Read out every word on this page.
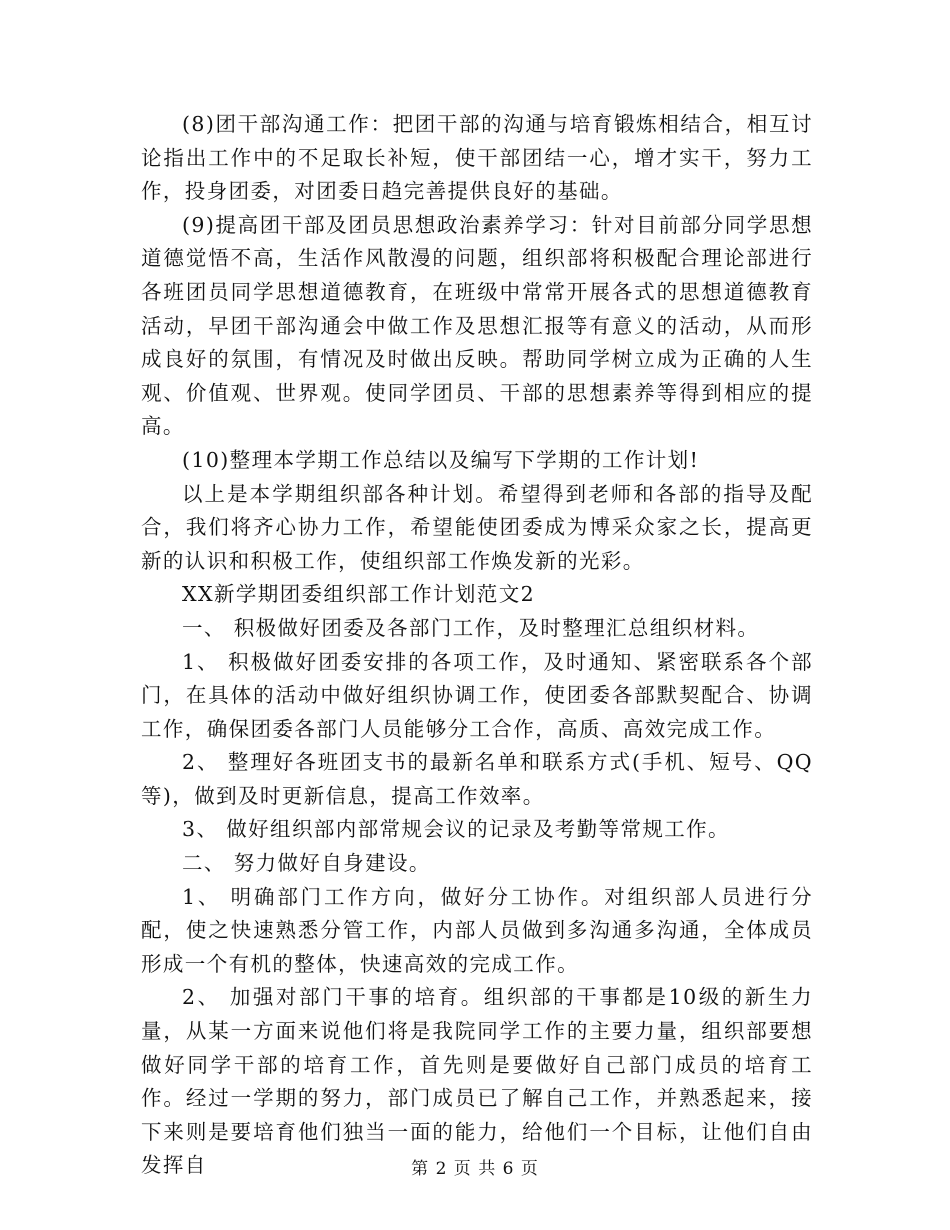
(8)团干部沟通工作：把团干部的沟通与培育锻炼相结合，相互讨论指出工作中的不足取长补短，使干部团结一心，增才实干，努力工作，投身团委，对团委日趋完善提供良好的基础。

(9)提高团干部及团员思想政治素养学习：针对目前部分同学思想道德觉悟不高，生活作风散漫的问题，组织部将积极配合理论部进行各班团员同学思想道德教育，在班级中常常开展各式的思想道德教育活动，早团干部沟通会中做工作及思想汇报等有意义的活动，从而形成良好的氛围，有情况及时做出反映。帮助同学树立成为正确的人生观、价值观、世界观。使同学团员、干部的思想素养等得到相应的提高。

(10)整理本学期工作总结以及编写下学期的工作计划!

以上是本学期组织部各种计划。希望得到老师和各部的指导及配合，我们将齐心协力工作，希望能使团委成为博采众家之长，提高更新的认识和积极工作，使组织部工作焕发新的光彩。

XX新学期团委组织部工作计划范文2

一、 积极做好团委及各部门工作，及时整理汇总组织材料。

1、 积极做好团委安排的各项工作，及时通知、紧密联系各个部门，在具体的活动中做好组织协调工作，使团委各部默契配合、协调工作，确保团委各部门人员能够分工合作，高质、高效完成工作。

2、 整理好各班团支书的最新名单和联系方式(手机、短号、QQ等)，做到及时更新信息，提高工作效率。

3、 做好组织部内部常规会议的记录及考勤等常规工作。

二、 努力做好自身建设。

1、 明确部门工作方向，做好分工协作。对组织部人员进行分配，使之快速熟悉分管工作，内部人员做到多沟通多沟通，全体成员形成一个有机的整体，快速高效的完成工作。

2、 加强对部门干事的培育。组织部的干事都是10级的新生力量，从某一方面来说他们将是我院同学工作的主要力量，组织部要想做好同学干部的培育工作，首先则是要做好自己部门成员的培育工作。经过一学期的努力，部门成员已了解自己工作，并熟悉起来，接下来则是要培育他们独当一面的能力，给他们一个目标，让他们自由发挥自	第 2 页 共 6 页
